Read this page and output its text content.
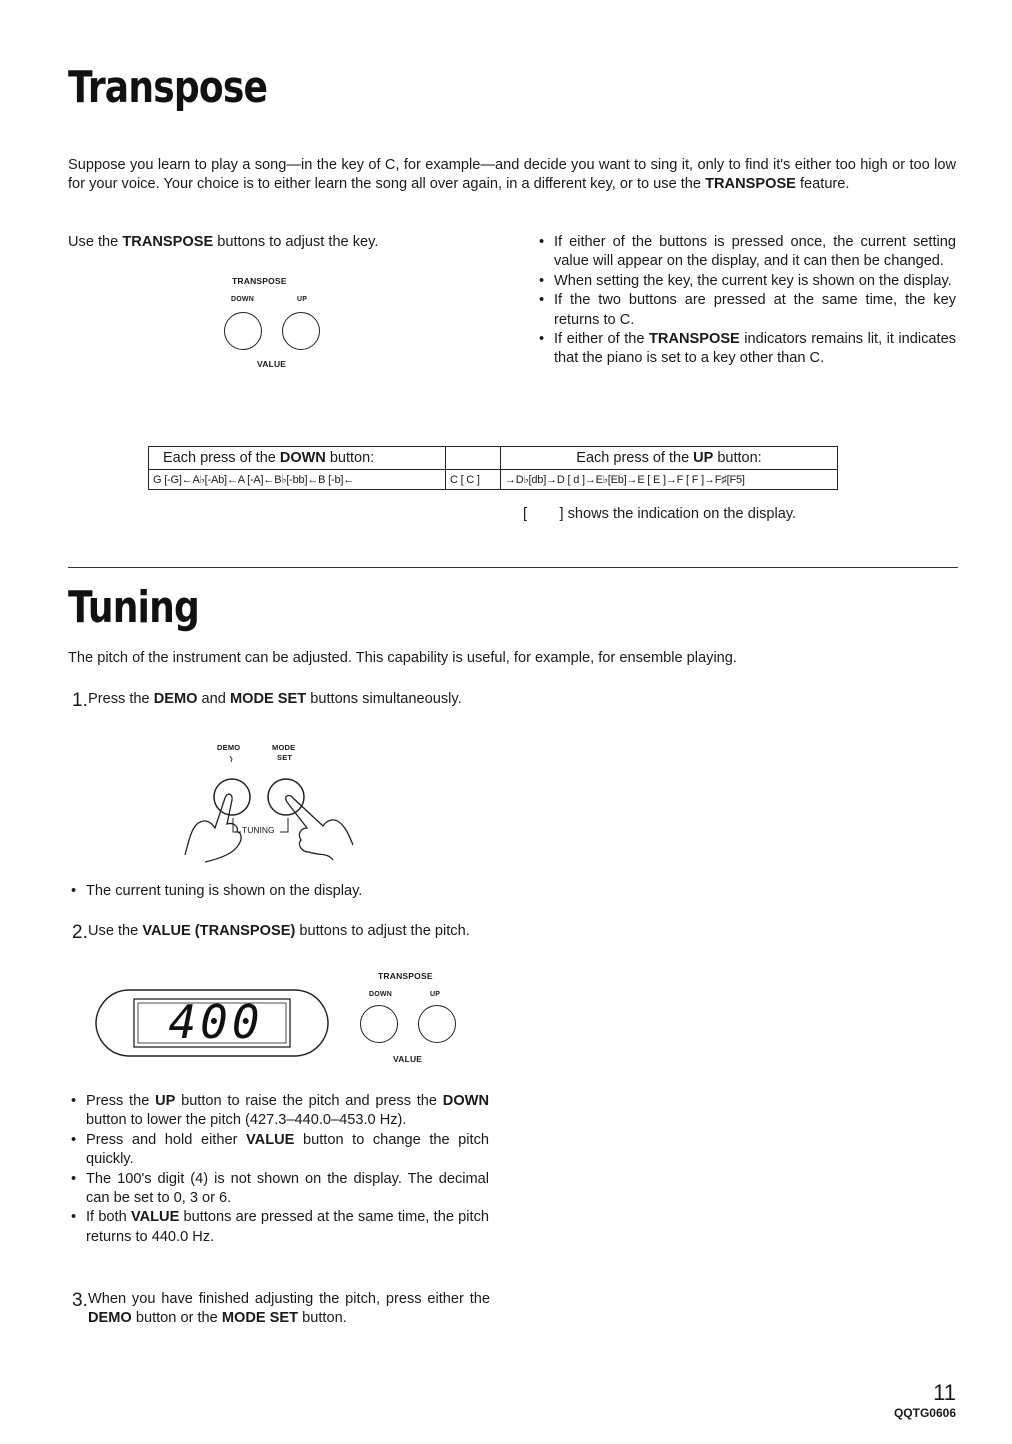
Transpose
Suppose you learn to play a song—in the key of C, for example—and decide you want to sing it, only to find it's either too high or too low for your voice. Your choice is to either learn the song all over again, in a different key, or to use the TRANSPOSE feature.
Use the TRANSPOSE buttons to adjust the key.
TRANSPOSE
DOWN	UP
VALUE
• If either of the buttons is pressed once, the current setting value will appear on the display, and it can then be changed.
• When setting the key, the current key is shown on the display.
• If the two buttons are pressed at the same time, the key returns to C.
• If either of the TRANSPOSE indicators remains lit, it indicates that the piano is set to a key other than C.
Each press of the DOWN button:		Each press of the UP button:
G [-G]←A♭[-Ab]←A [-A]←B♭[-bb]←B [-b]←	C [ C ]	→D♭[db]→D [ d ]→E♭[Eb]→E [ E ]→F [ F ]→F♯[F5]
[        ] shows the indication on the display.
Tuning
The pitch of the instrument can be adjusted. This capability is useful, for example, for ensemble playing.
1. Press the DEMO and MODE SET buttons simultaneously.
DEMO	MODE
SET
TUNING
• The current tuning is shown on the display.
2. Use the VALUE (TRANSPOSE) buttons to adjust the pitch.
400
TRANSPOSE
DOWN	UP
VALUE
• Press the UP button to raise the pitch and press the DOWN button to lower the pitch (427.3–440.0–453.0 Hz).
• Press and hold either VALUE button to change the pitch quickly.
• The 100's digit (4) is not shown on the display. The decimal can be set to 0, 3 or 6.
• If both VALUE buttons are pressed at the same time, the pitch returns to 440.0 Hz.
3. When you have finished adjusting the pitch, press either the DEMO button or the MODE SET button.
11
QQTG0606
